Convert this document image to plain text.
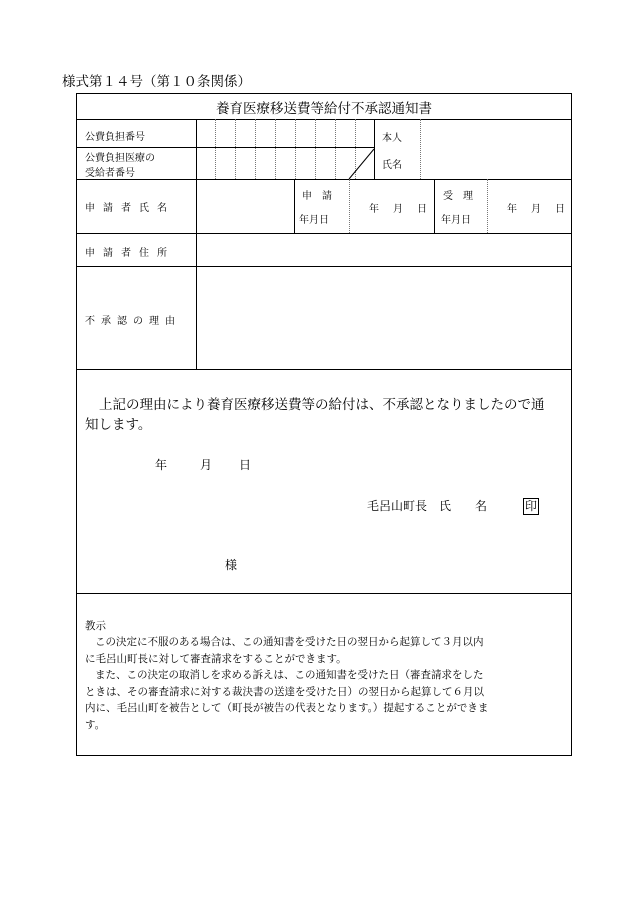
様式第１４号（第１０条関係）
養育医療移送費等給付不承認通知書
公費負担番号
公費負担医療の
受給者番号
本人
氏名
申請者氏名
申　請
年月日
年　月　日
受　理
年月日
年　月　日
申請者住所
不承認の理由
上記の理由により養育医療移送費等の給付は、不承認となりましたので通
知します。
年	月 日
毛呂山町長　氏　　名	印
様
教示
この決定に不服のある場合は、この通知書を受けた日の翌日から起算して３月以内
に毛呂山町長に対して審査請求をすることができます。
また、この決定の取消しを求める訴えは、この通知書を受けた日（審査請求をした
ときは、その審査請求に対する裁決書の送達を受けた日）の翌日から起算して６月以
内に、毛呂山町を被告として（町長が被告の代表となります。）提起することができま
す。
